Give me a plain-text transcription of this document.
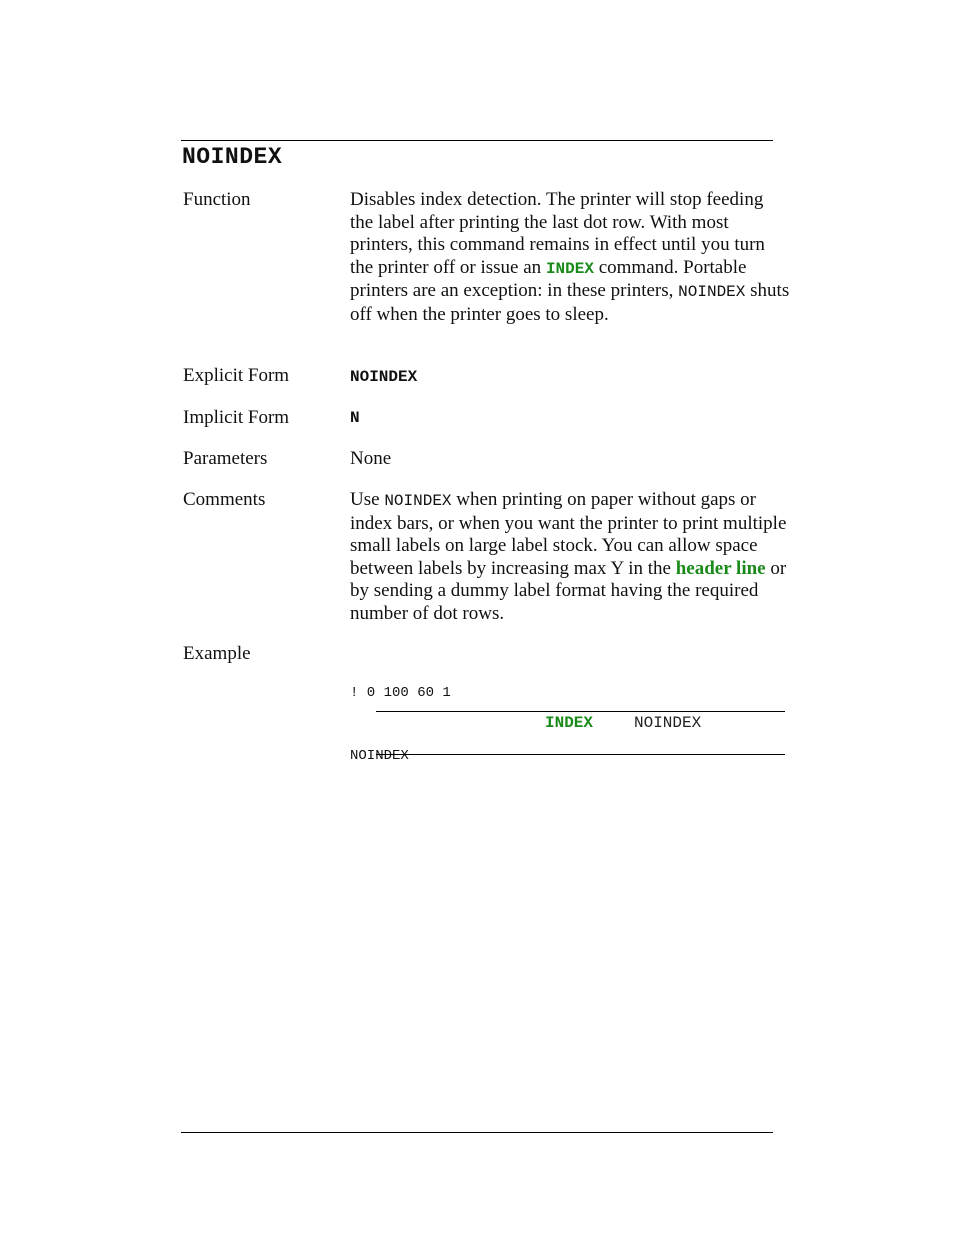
NOINDEX
Function	Disables index detection. The printer will stop feeding the label after printing the last dot row. With most printers, this command remains in effect until you turn the printer off or issue an INDEX command. Portable printers are an exception: in these printers, NOINDEX shuts off when the printer goes to sleep.
Explicit Form	NOINDEX
Implicit Form	N
Parameters	None
Comments	Use NOINDEX when printing on paper without gaps or index bars, or when you want the printer to print multiple small labels on large label stock. You can allow space between labels by increasing max Y in the header line or by sending a dummy label format having the required number of dot rows.
Example

! 0 100 60 1

NOINDEX

INDEX	NOINDEX
